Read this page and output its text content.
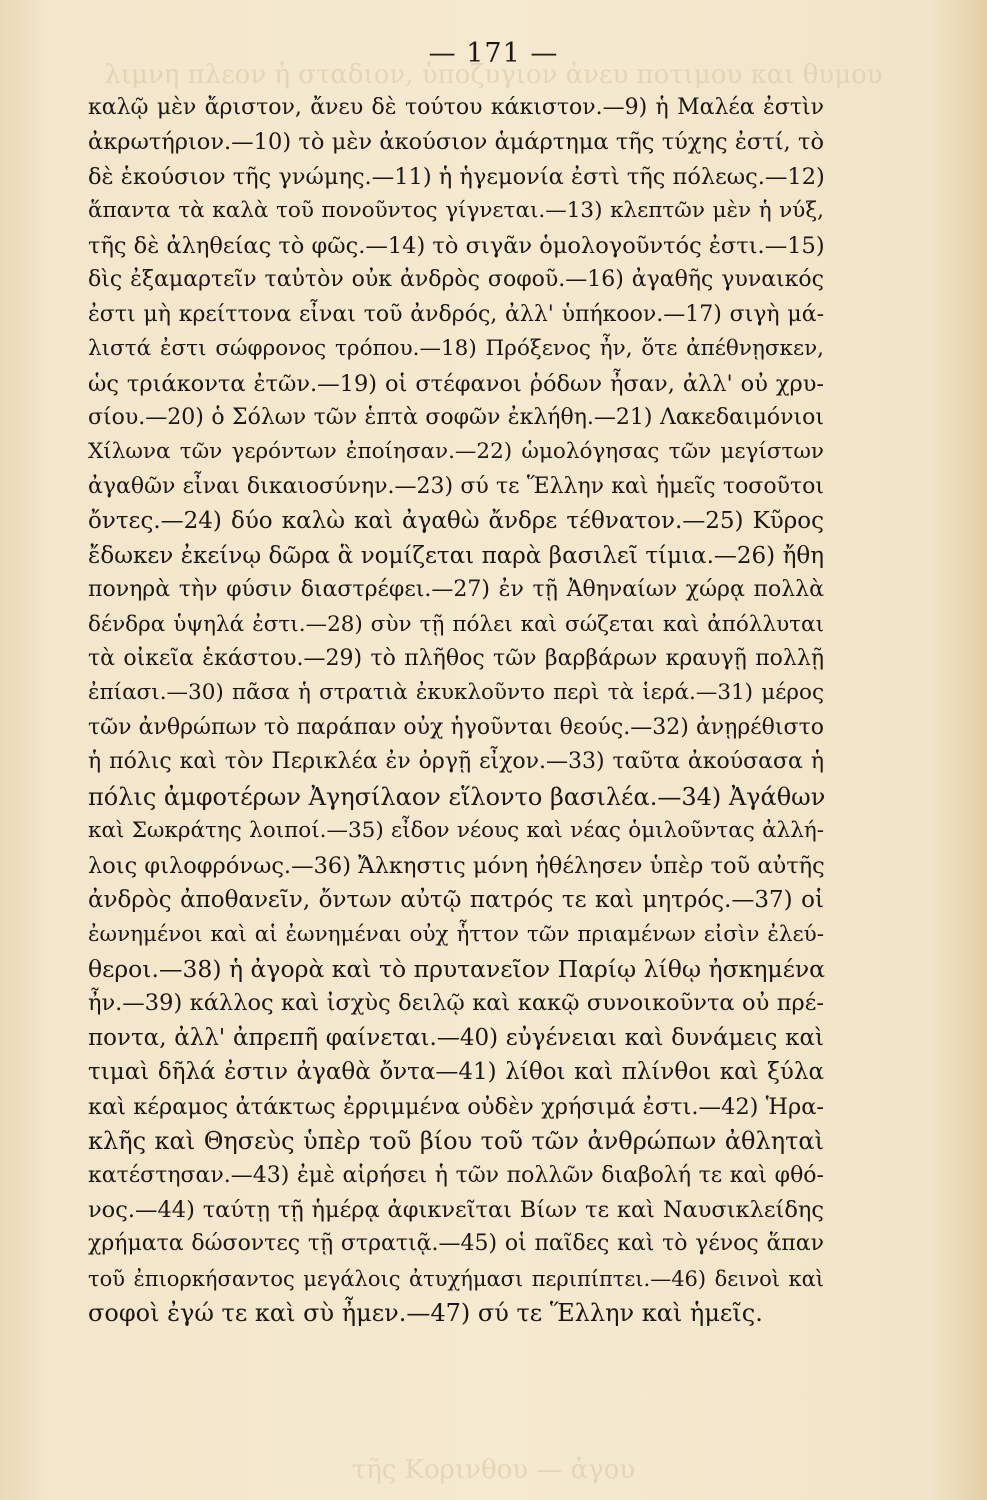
λιμνη πλεον ἡ σταδιον, ὑποζυγιον ἀνευ ποτιμου και θυμου
— 171 —
καλῷ μὲν ἄριστον, ἄνευ δὲ τούτου κάκιστον.—9) ἡ Μαλέα ἐστὶν
ἀκρωτήριον.—10) τὸ μὲν ἀκούσιον ἁμάρτημα τῆς τύχης ἐστί, τὸ
δὲ ἑκούσιον τῆς γνώμης.—11) ἡ ἡγεμονία ἐστὶ τῆς πόλεως.—12)
ἅπαντα τὰ καλὰ τοῦ πονοῦντος γίγνεται.—13) κλεπτῶν μὲν ἡ νύξ,
τῆς δὲ ἀληθείας τὸ φῶς.—14) τὸ σιγᾶν ὁμολογοῦντός ἐστι.—15)
δὶς ἐξαμαρτεῖν ταὐτὸν οὐκ ἀνδρὸς σοφοῦ.—16) ἀγαθῆς γυναικός
ἐστι μὴ κρείττονα εἶναι τοῦ ἀνδρός, ἀλλ' ὑπήκοον.—17) σιγὴ μά-
λιστά ἐστι σώφρονος τρόπου.—18) Πρόξενος ἦν, ὅτε ἀπέθνῃσκεν,
ὡς τριάκοντα ἐτῶν.—19) οἱ στέφανοι ῥόδων ἦσαν, ἀλλ' οὐ χρυ-
σίου.—20) ὁ Σόλων τῶν ἑπτὰ σοφῶν ἐκλήθη.—21) Λακεδαιμόνιοι
Χίλωνα τῶν γερόντων ἐποίησαν.—22) ὡμολόγησας τῶν μεγίστων
ἀγαθῶν εἶναι δικαιοσύνην.—23) σύ τε Ἕλλην καὶ ἡμεῖς τοσοῦτοι
ὄντες.—24) δύο καλὼ καὶ ἀγαθὼ ἄνδρε τέθνατον.—25) Κῦρος
ἔδωκεν ἐκείνῳ δῶρα ἃ νομίζεται παρὰ βασιλεῖ τίμια.—26) ἤθη
πονηρὰ τὴν φύσιν διαστρέφει.—27) ἐν τῇ Ἀθηναίων χώρᾳ πολλὰ
δένδρα ὑψηλά ἐστι.—28) σὺν τῇ πόλει καὶ σώζεται καὶ ἀπόλλυται
τὰ οἰκεῖα ἑκάστου.—29) τὸ πλῆθος τῶν βαρβάρων κραυγῇ πολλῇ
ἐπίασι.—30) πᾶσα ἡ στρατιὰ ἐκυκλοῦντο περὶ τὰ ἱερά.—31) μέρος
τῶν ἀνθρώπων τὸ παράπαν οὐχ ἡγοῦνται θεούς.—32) ἀνῃρέθιστο
ἡ πόλις καὶ τὸν Περικλέα ἐν ὀργῇ εἶχον.—33) ταῦτα ἀκούσασα ἡ
πόλις ἀμφοτέρων Ἀγησίλαον εἵλοντο βασιλέα.—34) Ἀγάθων
καὶ Σωκράτης λοιποί.—35) εἶδον νέους καὶ νέας ὁμιλοῦντας ἀλλή-
λοις φιλοφρόνως.—36) Ἄλκηστις μόνη ἠθέλησεν ὑπὲρ τοῦ αὐτῆς
ἀνδρὸς ἀποθανεῖν, ὄντων αὐτῷ πατρός τε καὶ μητρός.—37) οἱ
ἐωνημένοι καὶ αἱ ἐωνημέναι οὐχ ἧττον τῶν πριαμένων εἰσὶν ἐλεύ-
θεροι.—38) ἡ ἀγορὰ καὶ τὸ πρυτανεῖον Παρίῳ λίθῳ ἠσκημένα
ἦν.—39) κάλλος καὶ ἰσχὺς δειλῷ καὶ κακῷ συνοικοῦντα οὐ πρέ-
ποντα, ἀλλ' ἀπρεπῆ φαίνεται.—40) εὐγένειαι καὶ δυνάμεις καὶ
τιμαὶ δῆλά ἐστιν ἀγαθὰ ὄντα—41) λίθοι καὶ πλίνθοι καὶ ξύλα
καὶ κέραμος ἀτάκτως ἐρριμμένα οὐδὲν χρήσιμά ἐστι.—42) Ἡρα-
κλῆς καὶ Θησεὺς ὑπὲρ τοῦ βίου τοῦ τῶν ἀνθρώπων ἀθληταὶ
κατέστησαν.—43) ἐμὲ αἱρήσει ἡ τῶν πολλῶν διαβολή τε καὶ φθό-
νος.—44) ταύτῃ τῇ ἡμέρᾳ ἀφικνεῖται Βίων τε καὶ Ναυσικλείδης
χρήματα δώσοντες τῇ στρατιᾷ.—45) οἱ παῖδες καὶ τὸ γένος ἅπαν
τοῦ ἐπιορκήσαντος μεγάλοις ἀτυχήμασι περιπίπτει.—46) δεινοὶ καὶ
σοφοὶ ἐγώ τε καὶ σὺ ἦμεν.—47) σύ τε Ἕλλην καὶ ἡμεῖς.
τῆς Κορινθου — ἀγου
